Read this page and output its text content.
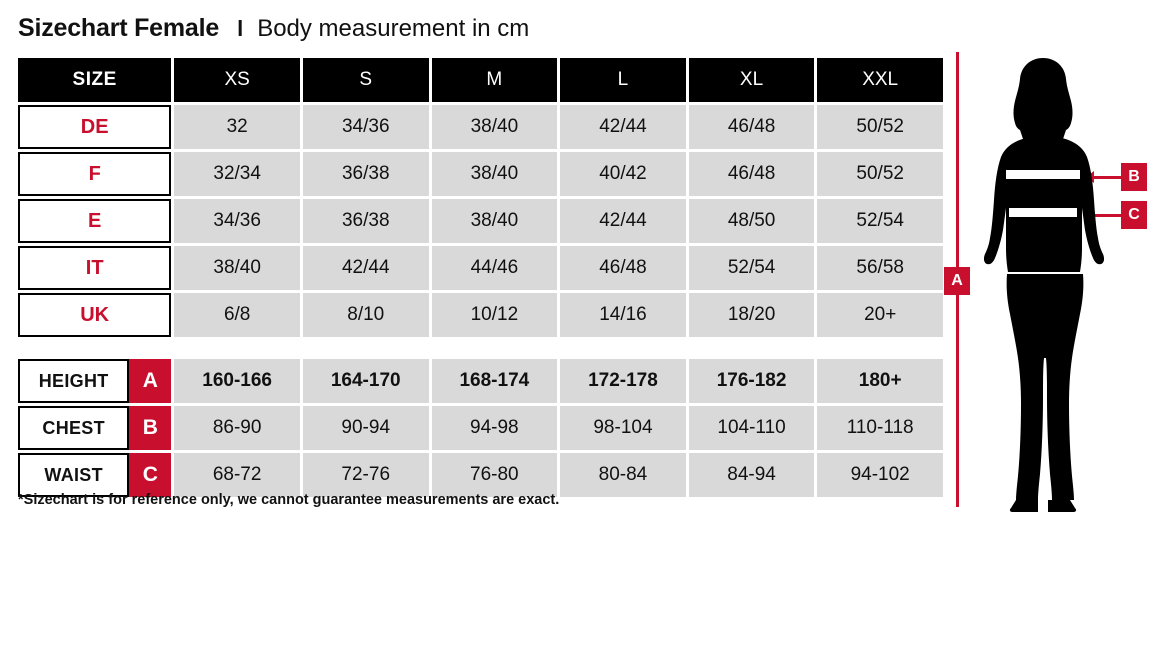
Sizechart Female l Body measurement in cm
SIZE	XS	S	M	L	XL	XXL
DE	32	34/36	38/40	42/44	46/48	50/52
F	32/34	36/38	38/40	40/42	46/48	50/52
E	34/36	36/38	38/40	42/44	48/50	52/54
IT	38/40	42/44	44/46	46/48	52/54	56/58
UK	6/8	8/10	10/12	14/16	18/20	20+
HEIGHT	A	160-166	164-170	168-174	172-178	176-182	180+
CHEST	B	86-90	90-94	94-98	98-104	104-110	110-118
WAIST	C	68-72	72-76	76-80	80-84	84-94	94-102
*Sizechart is for reference only, we cannot guarantee measurements are exact.
A
B
C
